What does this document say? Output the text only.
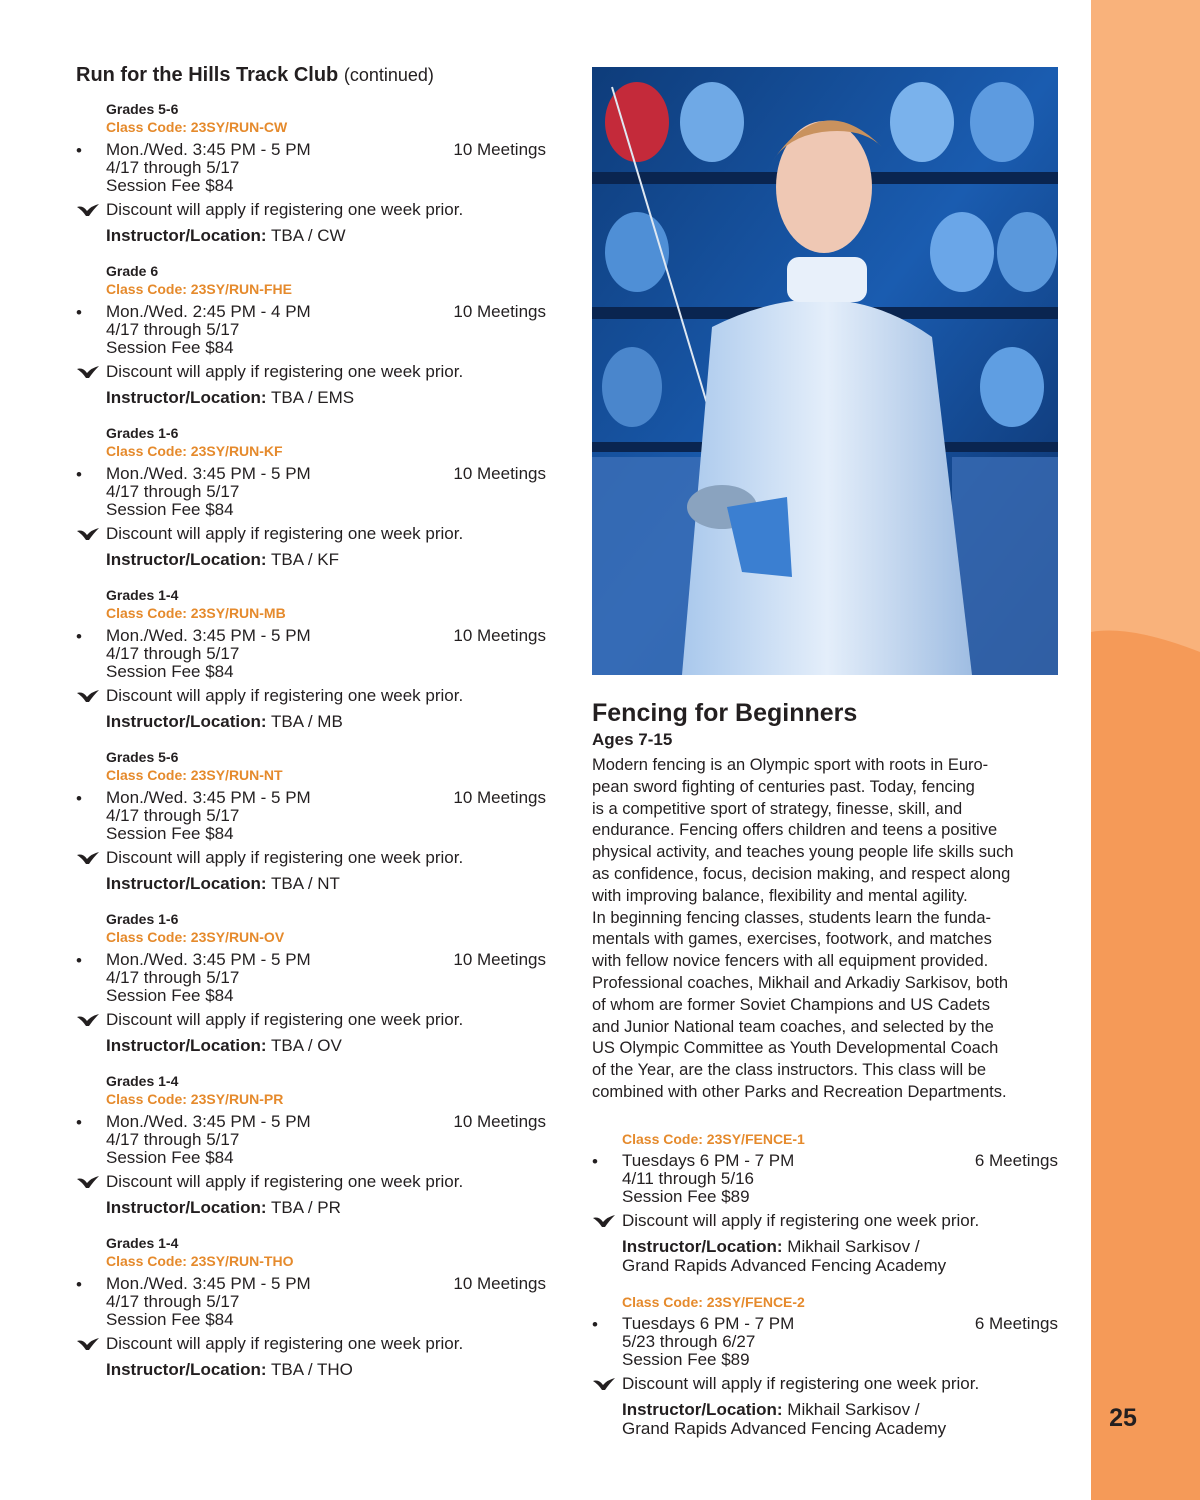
25
Run for the Hills Track Club (continued)
Grades 5-6
Class Code: 23SY/RUN-CW
• Mon./Wed. 3:45 PM - 5 PM	10 Meetings
4/17 through 5/17
Session Fee $84
Discount will apply if registering one week prior.
Instructor/Location: TBA / CW
Grade 6
Class Code: 23SY/RUN-FHE
• Mon./Wed. 2:45 PM - 4 PM	10 Meetings
4/17 through 5/17
Session Fee $84
Discount will apply if registering one week prior.
Instructor/Location: TBA / EMS
Grades 1-6
Class Code: 23SY/RUN-KF
• Mon./Wed. 3:45 PM - 5 PM	10 Meetings
4/17 through 5/17
Session Fee $84
Discount will apply if registering one week prior.
Instructor/Location: TBA / KF
Grades 1-4
Class Code: 23SY/RUN-MB
• Mon./Wed. 3:45 PM - 5 PM	10 Meetings
4/17 through 5/17
Session Fee $84
Discount will apply if registering one week prior.
Instructor/Location: TBA / MB
Grades 5-6
Class Code: 23SY/RUN-NT
• Mon./Wed. 3:45 PM - 5 PM	10 Meetings
4/17 through 5/17
Session Fee $84
Discount will apply if registering one week prior.
Instructor/Location: TBA / NT
Grades 1-6
Class Code: 23SY/RUN-OV
• Mon./Wed. 3:45 PM - 5 PM	10 Meetings
4/17 through 5/17
Session Fee $84
Discount will apply if registering one week prior.
Instructor/Location: TBA / OV
Grades 1-4
Class Code: 23SY/RUN-PR
• Mon./Wed. 3:45 PM - 5 PM	10 Meetings
4/17 through 5/17
Session Fee $84
Discount will apply if registering one week prior.
Instructor/Location: TBA / PR
Grades 1-4
Class Code: 23SY/RUN-THO
• Mon./Wed. 3:45 PM - 5 PM	10 Meetings
4/17 through 5/17
Session Fee $84
Discount will apply if registering one week prior.
Instructor/Location: TBA / THO
Fencing for Beginners
Ages 7-15
Modern fencing is an Olympic sport with roots in Euro-
pean sword fighting of centuries past. Today, fencing
is a competitive sport of strategy, finesse, skill, and
endurance. Fencing offers children and teens a positive
physical activity, and teaches young people life skills such
as confidence, focus, decision making, and respect along
with improving balance, flexibility and mental agility.
In beginning fencing classes, students learn the funda-
mentals with games, exercises, footwork, and matches
with fellow novice fencers with all equipment provided.
Professional coaches, Mikhail and Arkadiy Sarkisov, both
of whom are former Soviet Champions and US Cadets
and Junior National team coaches, and selected by the
US Olympic Committee as Youth Developmental Coach
of the Year, are the class instructors. This class will be
combined with other Parks and Recreation Departments.
Class Code: 23SY/FENCE-1
• Tuesdays 6 PM - 7 PM	6 Meetings
4/11 through 5/16
Session Fee $89
Discount will apply if registering one week prior.
Instructor/Location: Mikhail Sarkisov /
Grand Rapids Advanced Fencing Academy
Class Code: 23SY/FENCE-2
• Tuesdays 6 PM - 7 PM	6 Meetings
5/23 through 6/27
Session Fee $89
Discount will apply if registering one week prior.
Instructor/Location: Mikhail Sarkisov /
Grand Rapids Advanced Fencing Academy
